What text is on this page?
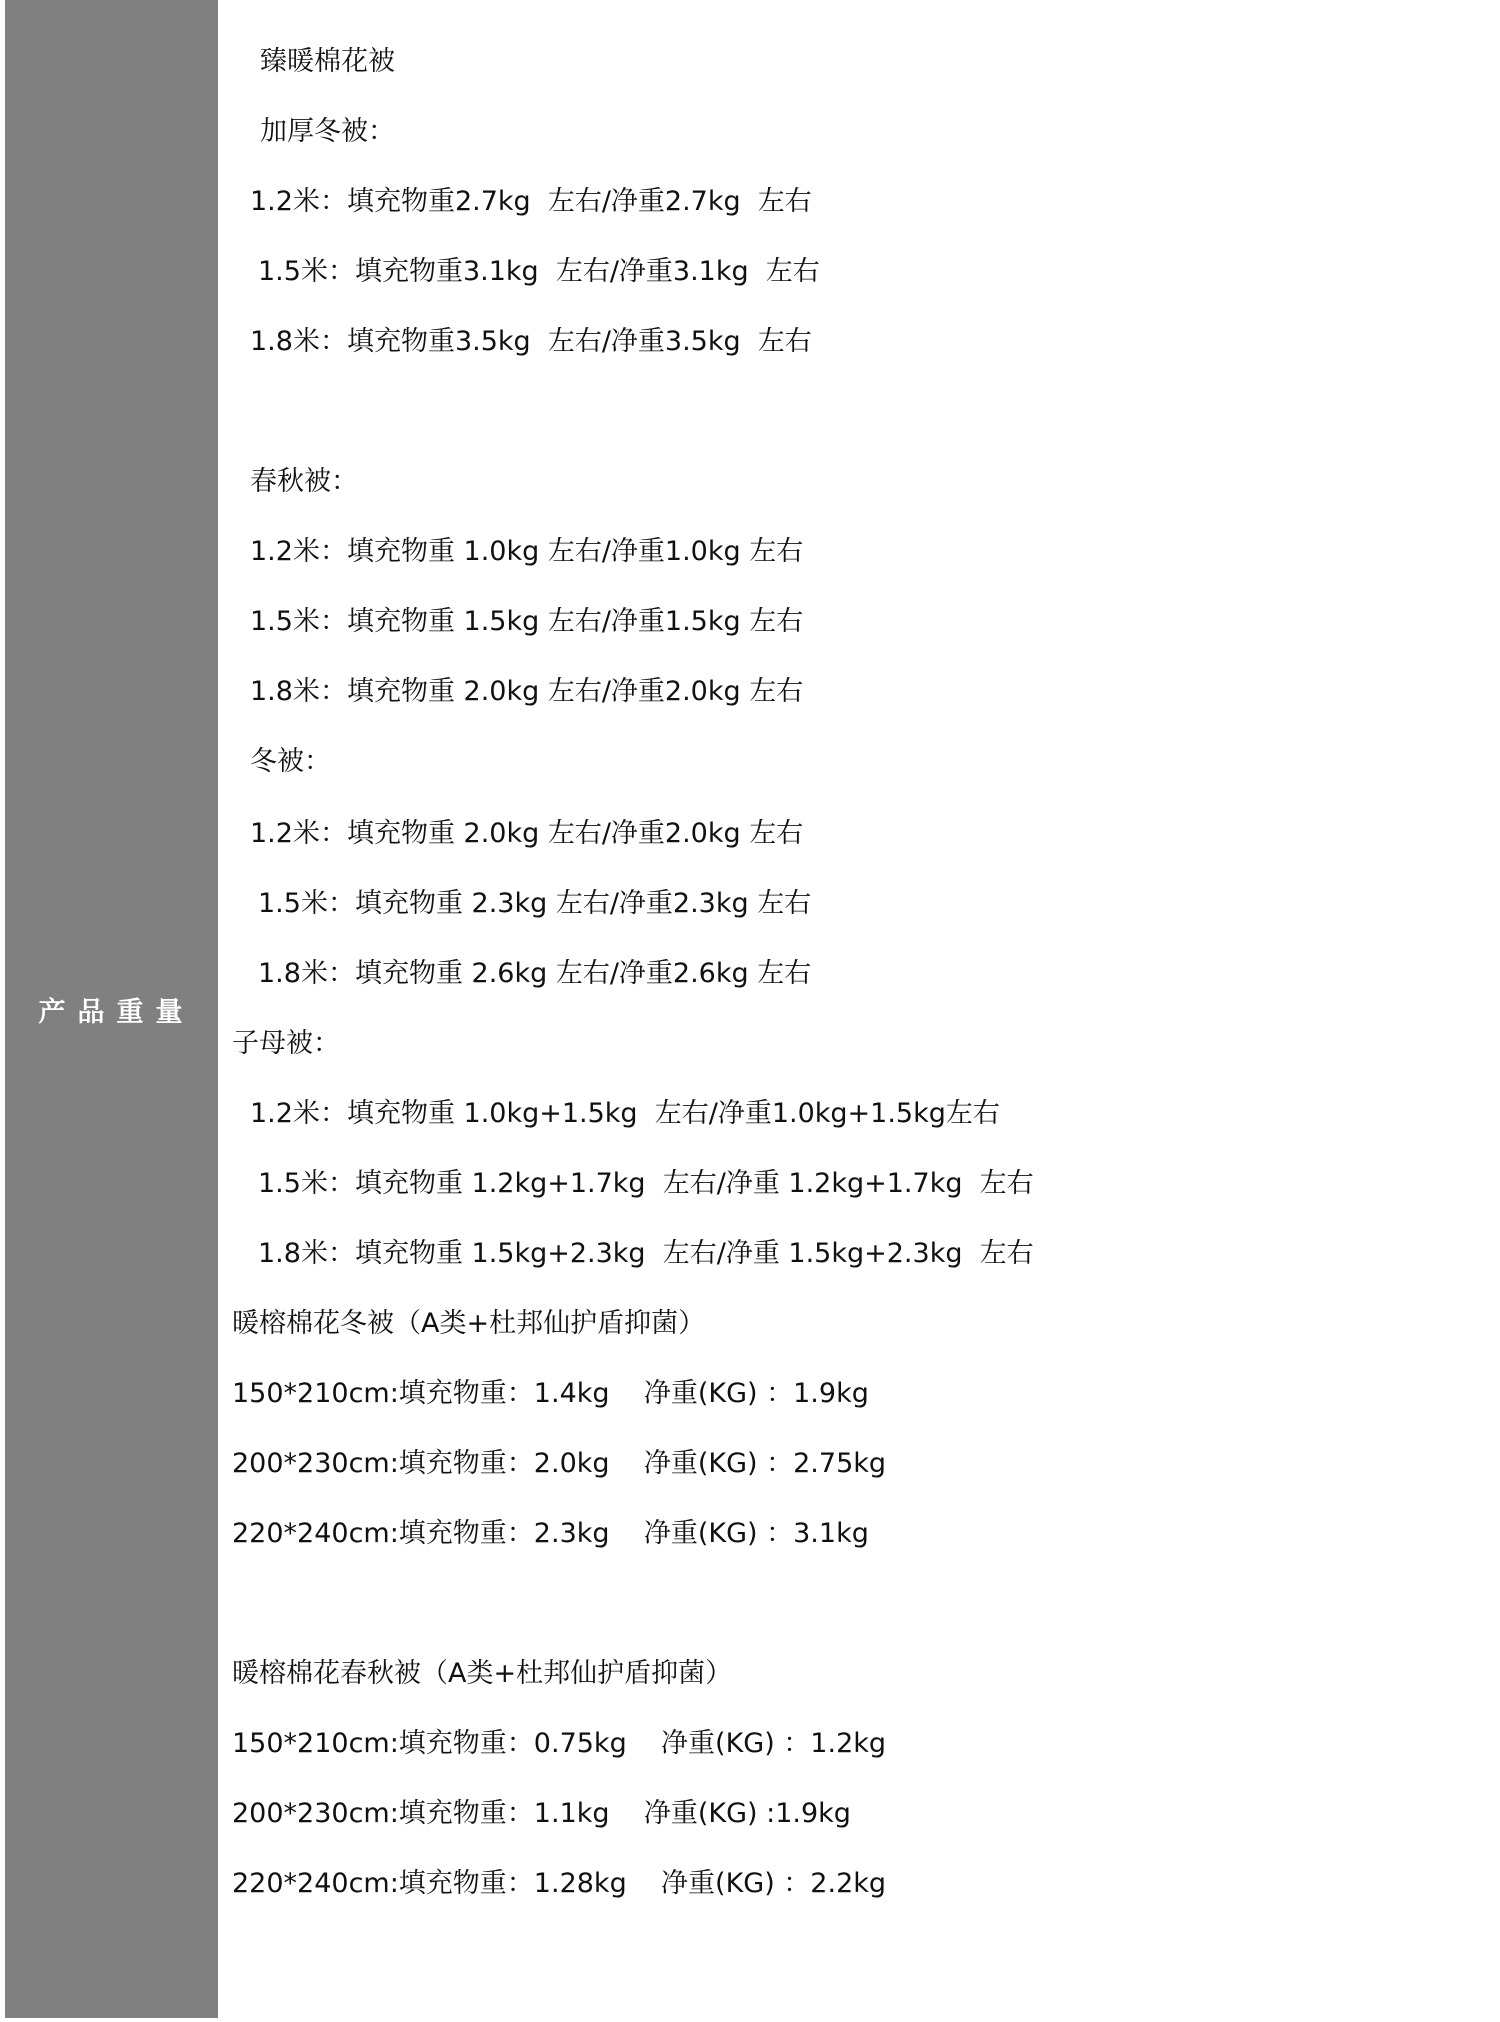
产品重量
臻暖棉花被
加厚冬被：
1.2米：填充物重2.7kg  左右/净重2.7kg  左右
1.5米：填充物重3.1kg  左右/净重3.1kg  左右
1.8米：填充物重3.5kg  左右/净重3.5kg  左右
春秋被：
1.2米：填充物重 1.0kg 左右/净重1.0kg 左右
1.5米：填充物重 1.5kg 左右/净重1.5kg 左右
1.8米：填充物重 2.0kg 左右/净重2.0kg 左右
冬被：
1.2米：填充物重 2.0kg 左右/净重2.0kg 左右
1.5米：填充物重 2.3kg 左右/净重2.3kg 左右
1.8米：填充物重 2.6kg 左右/净重2.6kg 左右
子母被：
1.2米：填充物重 1.0kg+1.5kg  左右/净重1.0kg+1.5kg左右
1.5米：填充物重 1.2kg+1.7kg  左右/净重 1.2kg+1.7kg  左右
1.8米：填充物重 1.5kg+2.3kg  左右/净重 1.5kg+2.3kg  左右
暖榕棉花冬被（A类+杜邦仙护盾抑菌）
150*210cm:填充物重：1.4kg    净重(KG) ：1.9kg
200*230cm:填充物重：2.0kg    净重(KG) ：2.75kg
220*240cm:填充物重：2.3kg    净重(KG) ：3.1kg
暖榕棉花春秋被（A类+杜邦仙护盾抑菌）
150*210cm:填充物重：0.75kg    净重(KG) ：1.2kg
200*230cm:填充物重：1.1kg    净重(KG) :1.9kg
220*240cm:填充物重：1.28kg    净重(KG) ：2.2kg
